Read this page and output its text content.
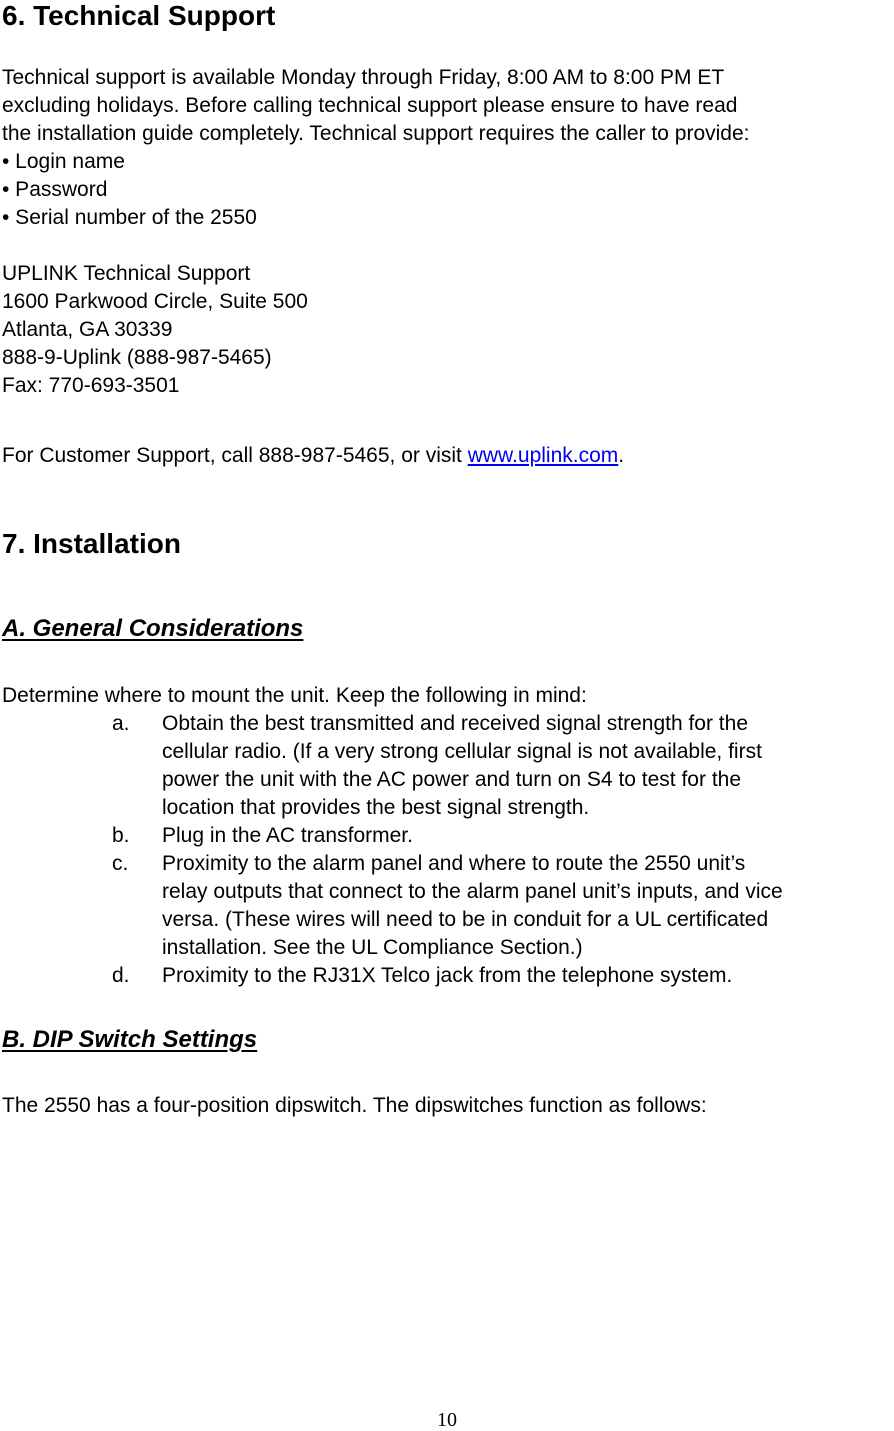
6. Technical Support

Technical support is available Monday through Friday, 8:00 AM to 8:00 PM ET
excluding holidays. Before calling technical support please ensure to have read
the installation guide completely. Technical support requires the caller to provide:

• Login name
• Password
• Serial number of the 2550
UPLINK Technical Support
1600 Parkwood Circle, Suite 500
Atlanta, GA 30339
888-9-Uplink (888-987-5465)
Fax: 770-693-3501
For Customer Support, call 888-987-5465, or visit www.uplink.com.
7. Installation
A. General Considerations
Determine where to mount the unit. Keep the following in mind:
a. Obtain the best transmitted and received signal strength for the
cellular radio. (If a very strong cellular signal is not available, first
power the unit with the AC power and turn on S4 to test for the
location that provides the best signal strength.
b. Plug in the AC transformer.
c. Proximity to the alarm panel and where to route the 2550 unit’s
relay outputs that connect to the alarm panel unit’s inputs, and vice
versa. (These wires will need to be in conduit for a UL certificated
installation. See the UL Compliance Section.)
d. Proximity to the RJ31X Telco jack from the telephone system.
B. DIP Switch Settings
The 2550 has a four-position dipswitch. The dipswitches function as follows:
10
